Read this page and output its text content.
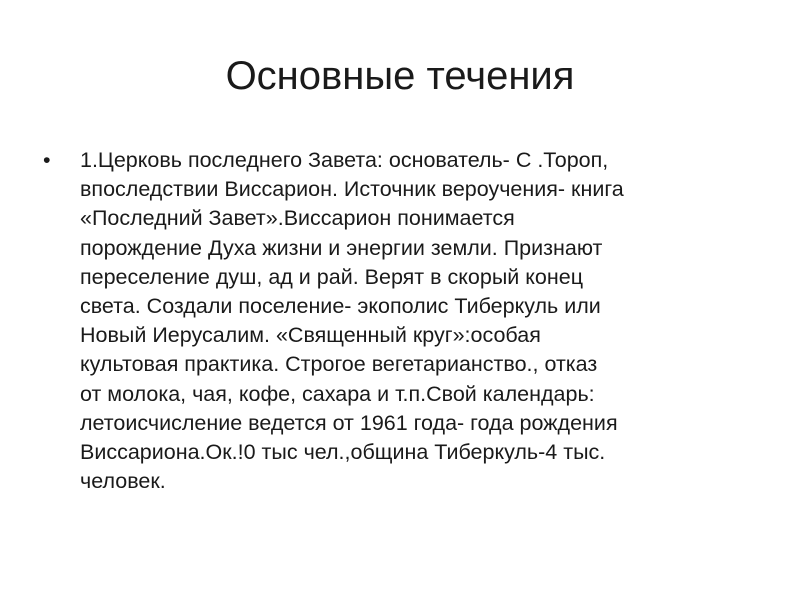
Основные течения
• 1.Церковь последнего Завета: основатель- С .Тороп,
впоследствии Виссарион. Источник вероучения- книга
«Последний Завет».Виссарион понимается
порождение Духа жизни и энергии земли. Признают
переселение душ, ад и рай. Верят в скорый конец
света. Создали поселение- экополис Тиберкуль или
Новый Иерусалим. «Священный круг»:особая
культовая практика. Строгое вегетарианство., отказ
от молока, чая, кофе, сахара и т.п.Свой календарь:
летоисчисление ведется от 1961 года- года рождения
Виссариона.Ок.!0 тыс чел.,община Тиберкуль-4 тыс.
человек.
